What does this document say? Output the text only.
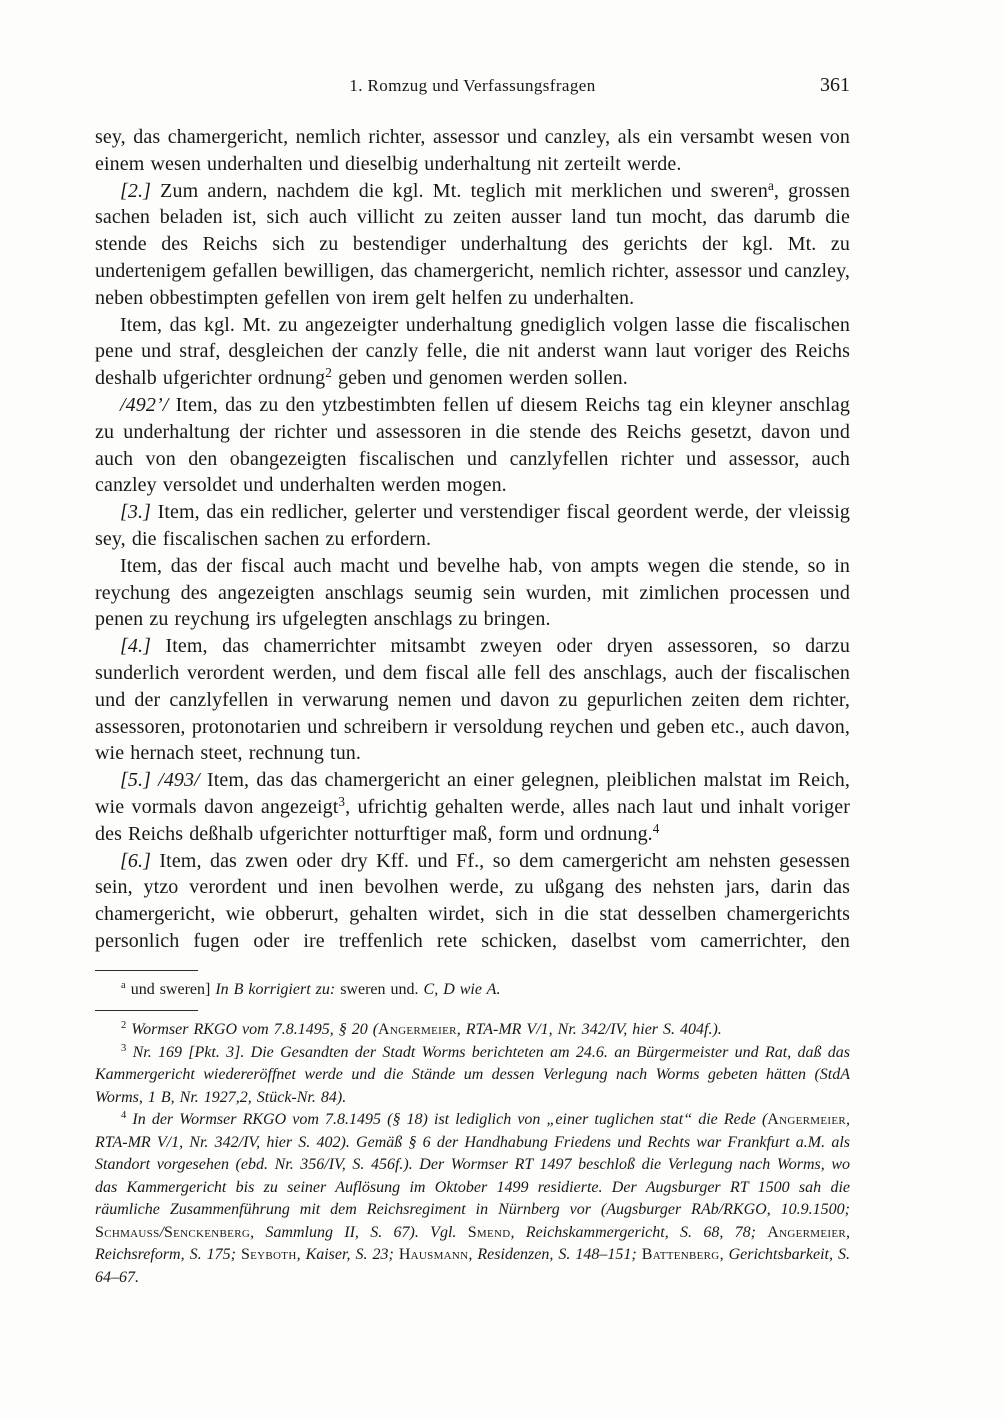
1. Romzug und Verfassungsfragen	361

sey, das chamergericht, nemlich richter, assessor und canzley, als ein versambt wesen von einem wesen underhalten und dieselbig underhaltung nit zerteilt werde.

[2.] Zum andern, nachdem die kgl. Mt. teglich mit merklichen und sweren$^a$, grossen sachen beladen ist, sich auch villicht zu zeiten ausser land tun mocht, das darumb die stende des Reichs sich zu bestendiger underhaltung des gerichts der kgl. Mt. zu undertenigem gefallen bewilligen, das chamergericht, nemlich richter, assessor und canzley, neben obbestimpten gefellen von irem gelt helfen zu underhalten.

Item, das kgl. Mt. zu angezeigter underhaltung gnediglich volgen lasse die fiscalischen pene und straf, desgleichen der canzly felle, die nit anderst wann laut voriger des Reichs deshalb ufgerichter ordnung$^2$ geben und genomen werden sollen.

/492’/ Item, das zu den ytzbestimbten fellen uf diesem Reichs tag ein kleyner anschlag zu underhaltung der richter und assessoren in die stende des Reichs gesetzt, davon und auch von den obangezeigten fiscalischen und canzlyfellen richter und assessor, auch canzley versoldet und underhalten werden mogen.

[3.] Item, das ein redlicher, gelerter und verstendiger fiscal geordent werde, der vleissig sey, die fiscalischen sachen zu erfordern.

Item, das der fiscal auch macht und bevelhe hab, von ampts wegen die stende, so in reychung des angezeigten anschlags seumig sein wurden, mit zimlichen processen und penen zu reychung irs ufgelegten anschlags zu bringen.

[4.] Item, das chamerrichter mitsambt zweyen oder dryen assessoren, so darzu sunderlich verordent werden, und dem fiscal alle fell des anschlags, auch der fiscalischen und der canzlyfellen in verwarung nemen und davon zu gepurlichen zeiten dem richter, assessoren, protonotarien und schreibern ir versoldung reychen und geben etc., auch davon, wie hernach steet, rechnung tun.

[5.] /493/ Item, das das chamergericht an einer gelegnen, pleiblichen malstat im Reich, wie vormals davon angezeigt$^3$, ufrichtig gehalten werde, alles nach laut und inhalt voriger des Reichs deßhalb ufgerichter notturftiger maß, form und ordnung.$^4$

[6.] Item, das zwen oder dry Kff. und Ff., so dem camergericht am nehsten gesessen sein, ytzo verordent und inen bevolhen werde, zu ußgang des nehsten jars, darin das chamergericht, wie obberurt, gehalten wirdet, sich in die stat desselben chamergerichts personlich fugen oder ire treffenlich rete schicken, daselbst vom camerrichter, den

$^a$ und sweren] In B korrigiert zu: sweren und. C, D wie A.

$^2$ Wormser RKGO vom 7.8.1495, § 20 (Angermeier, RTA-MR V/1, Nr. 342/IV, hier S. 404f.).

$^3$ Nr. 169 [Pkt. 3]. Die Gesandten der Stadt Worms berichteten am 24.6. an Bürgermeister und Rat, daß das Kammergericht wiedereröffnet werde und die Stände um dessen Verlegung nach Worms gebeten hätten (StdA Worms, 1 B, Nr. 1927,2, Stück-Nr. 84).

$^4$ In der Wormser RKGO vom 7.8.1495 (§ 18) ist lediglich von „einer tuglichen stat“ die Rede (Angermeier, RTA-MR V/1, Nr. 342/IV, hier S. 402). Gemäß § 6 der Handhabung Friedens und Rechts war Frankfurt a.M. als Standort vorgesehen (ebd. Nr. 356/IV, S. 456f.). Der Wormser RT 1497 beschloß die Verlegung nach Worms, wo das Kammergericht bis zu seiner Auflösung im Oktober 1499 residierte. Der Augsburger RT 1500 sah die räumliche Zusammenführung mit dem Reichsregiment in Nürnberg vor (Augsburger RAb/RKGO, 10.9.1500; Schmauss/Senckenberg, Sammlung II, S. 67). Vgl. Smend, Reichskammergericht, S. 68, 78; Angermeier, Reichsreform, S. 175; Seyboth, Kaiser, S. 23; Hausmann, Residenzen, S. 148–151; Battenberg, Gerichtsbarkeit, S. 64–67.
